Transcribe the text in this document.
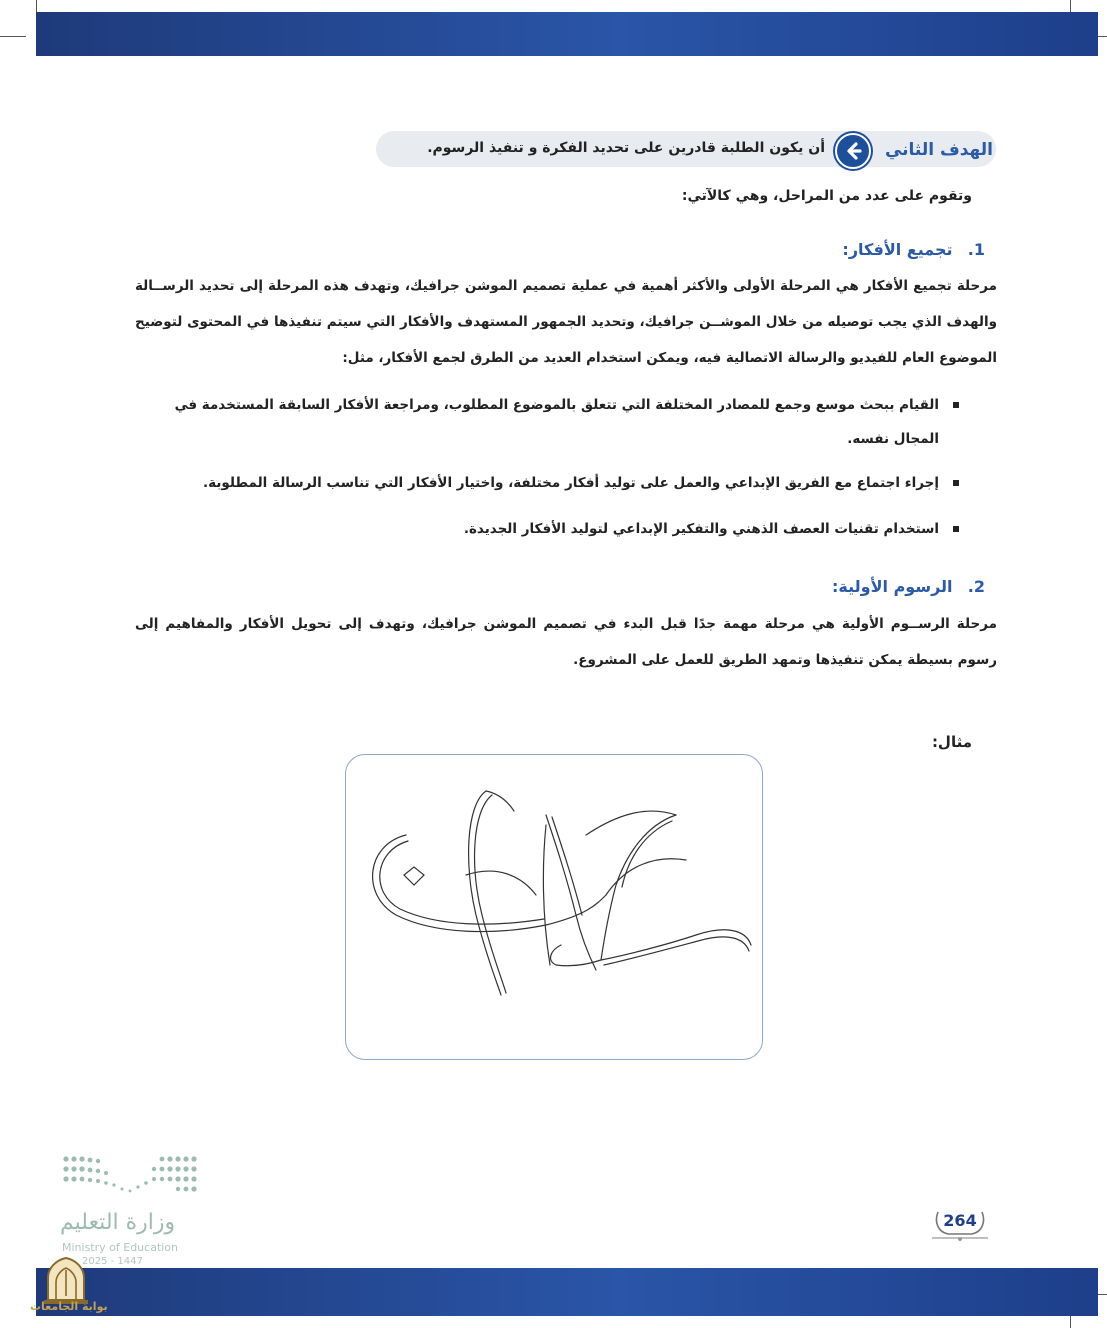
الهدف الثاني
أن يكون الطلبة قادرين على تحديد الفكرة و تنفيذ الرسوم.
وتقوم على عدد من المراحل، وهي كالآتي:
1.   تجميع الأفكار:
مرحلة تجميع الأفكار هي المرحلة الأولى والأكثر أهمية في عملية تصميم الموشن جرافيك، وتهدف هذه المرحلة إلى تحديد الرســالة والهدف الذي يجب توصيله من خلال الموشــن جرافيك، وتحديد الجمهور المستهدف والأفكار التي سيتم تنفيذها في المحتوى لتوضيح الموضوع العام للفيديو والرسالة الاتصالية فيه، ويمكن استخدام العديد من الطرق لجمع الأفكار، مثل:
القيام ببحث موسع وجمع للمصادر المختلفة التي تتعلق بالموضوع المطلوب، ومراجعة الأفكار السابقة المستخدمة في المجال نفسه.
إجراء اجتماع مع الفريق الإبداعي والعمل على توليد أفكار مختلفة، واختيار الأفكار التي تناسب الرسالة المطلوبة.
استخدام تقنيات العصف الذهني والتفكير الإبداعي لتوليد الأفكار الجديدة.
2.   الرسوم الأولية:
مرحلة الرســوم الأولية هي مرحلة مهمة جدًا قبل البدء في تصميم الموشن جرافيك، وتهدف إلى تحويل الأفكار والمفاهيم إلى رسوم بسيطة يمكن تنفيذها وتمهد الطريق للعمل على المشروع.
مثال:
وزارة التعليم
Ministry of Education
2025 - 1447
264
بوابة الجامعات
